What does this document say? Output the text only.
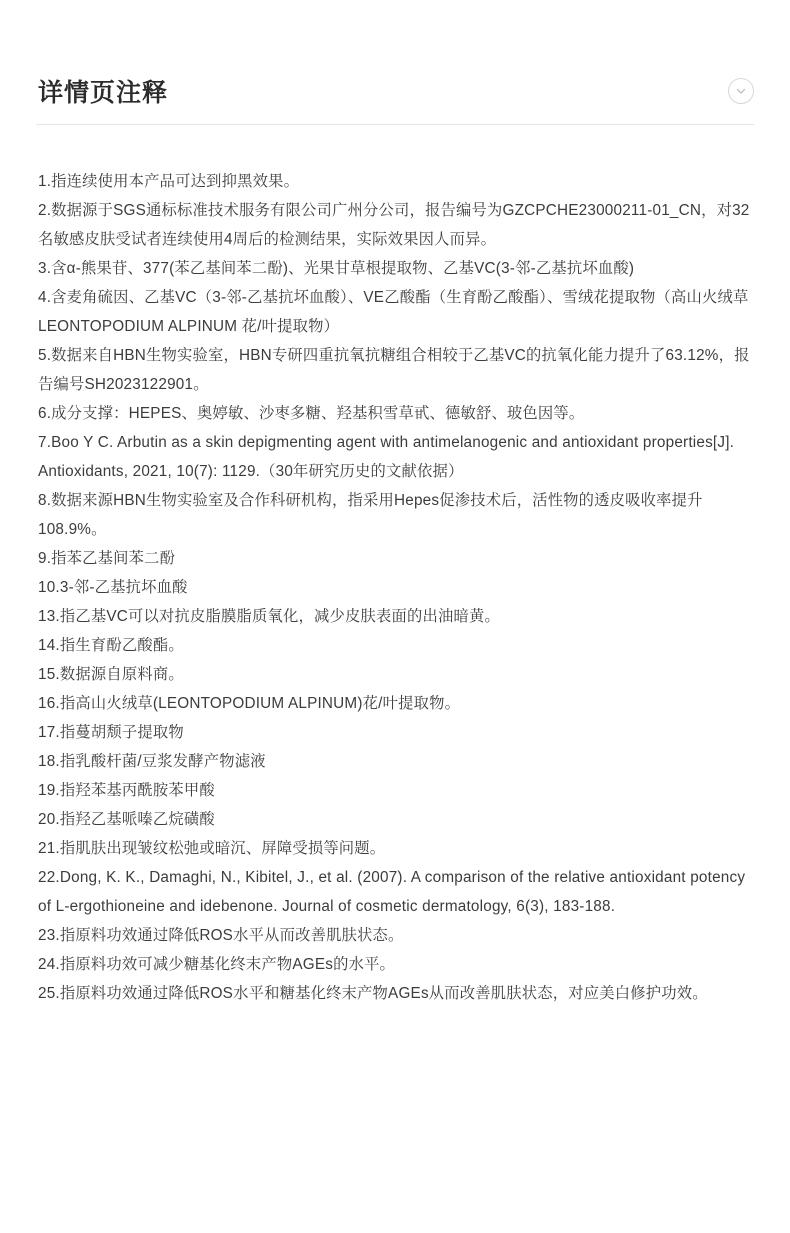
详情页注释

1.指连续使用本产品可达到抑黑效果。

2.数据源于SGS通标标准技术服务有限公司广州分公司，报告编号为GZCPCHE23000211-01_CN，对32 名敏感皮肤受试者连续使用4周后的检测结果，实际效果因人而异。

3.含α-熊果苷、377(苯乙基间苯二酚)、光果甘草根提取物、乙基VC(3-邻-乙基抗坏血酸)

4.含麦角硫因、乙基VC（3-邻-乙基抗坏血酸）、VE乙酸酯（生育酚乙酸酯）、雪绒花提取物（高山火绒草LEONTOPODIUM ALPINUM 花/叶提取物）

5.数据来自HBN生物实验室，HBN专研四重抗氧抗糖组合相较于乙基VC的抗氧化能力提升了63.12%，报告编号SH2023122901。

6.成分支撑：HEPES、奥婷敏、沙枣多糖、羟基积雪草甙、德敏舒、玻色因等。

7.Boo Y C. Arbutin as a skin depigmenting agent with antimelanogenic and antioxidant properties[J]. Antioxidants, 2021, 10(7): 1129.（30年研究历史的文献依据）

8.数据来源HBN生物实验室及合作科研机构，指采用Hepes促渗技术后，活性物的透皮吸收率提升108.9%。

9.指苯乙基间苯二酚

10.3-邻-乙基抗坏血酸

13.指乙基VC可以对抗皮脂膜脂质氧化，减少皮肤表面的出油暗黄。

14.指生育酚乙酸酯。

15.数据源自原料商。

16.指高山火绒草(LEONTOPODIUM ALPINUM)花/叶提取物。

17.指蔓胡颓子提取物

18.指乳酸杆菌/豆浆发酵产物滤液

19.指羟苯基丙酰胺苯甲酸

20.指羟乙基哌嗪乙烷磺酸

21.指肌肤出现皱纹松弛或暗沉、屏障受损等问题。

22.Dong, K. K., Damaghi, N., Kibitel, J., et al. (2007). A comparison of the relative antioxidant potency of L-ergothioneine and idebenone. Journal of cosmetic dermatology, 6(3), 183-188.

23.指原料功效通过降低ROS水平从而改善肌肤状态。

24.指原料功效可减少糖基化终末产物AGEs的水平。

25.指原料功效通过降低ROS水平和糖基化终末产物AGEs从而改善肌肤状态，对应美白修护功效。
